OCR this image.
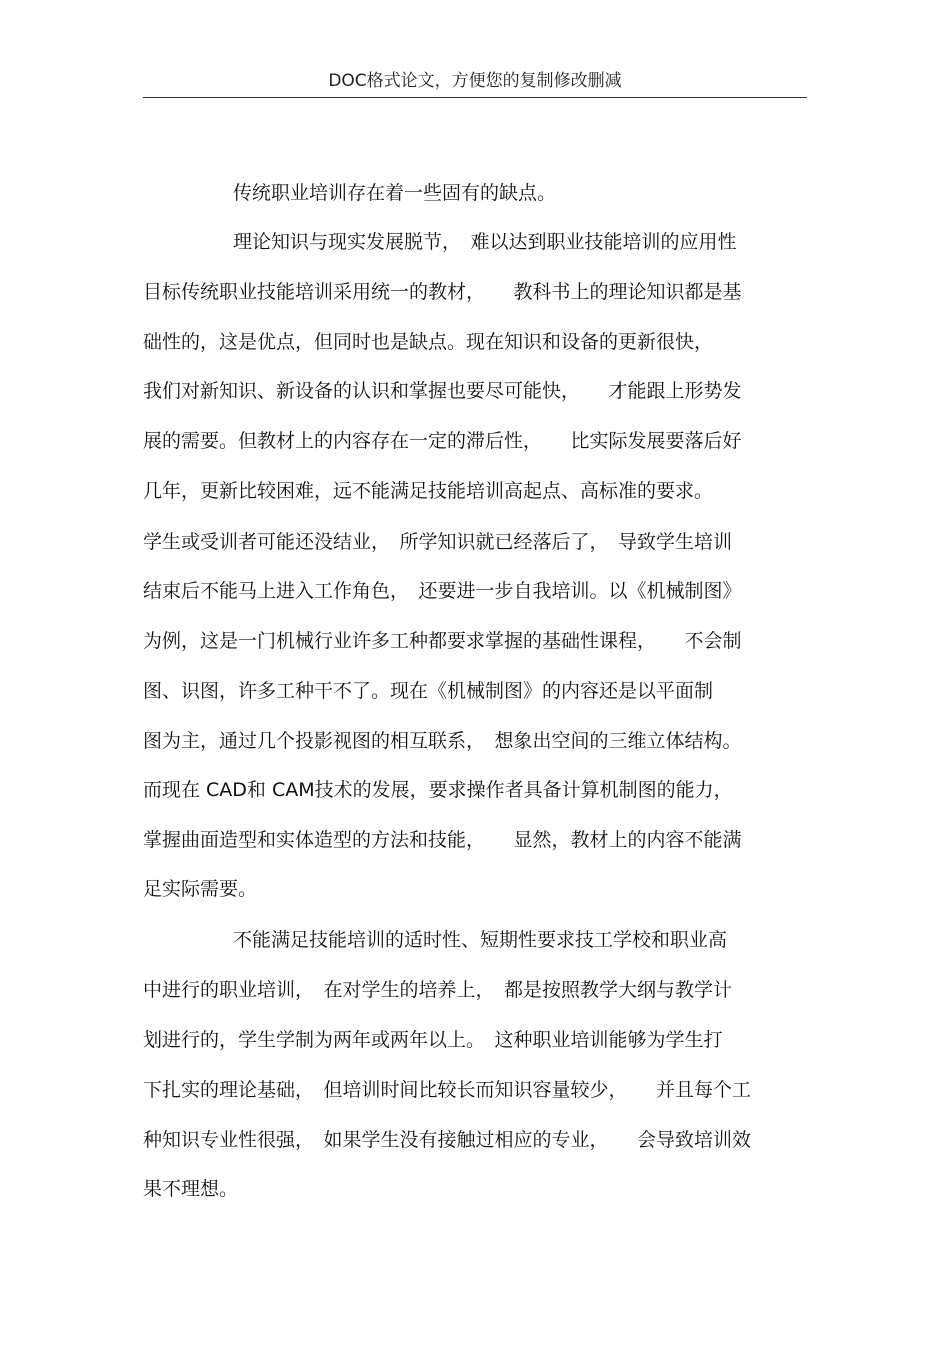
DOC格式论文，方便您的复制修改删减
传统职业培训存在着一些固有的缺点。
理论知识与现实发展脱节，　难以达到职业技能培训的应用性
目标传统职业技能培训采用统一的教材，　　教科书上的理论知识都是基
础性的，这是优点，但同时也是缺点。现在知识和设备的更新很快，
我们对新知识、新设备的认识和掌握也要尽可能快，　　才能跟上形势发
展的需要。但教材上的内容存在一定的滞后性，　　比实际发展要落后好
几年，更新比较困难，远不能满足技能培训高起点、高标准的要求。
学生或受训者可能还没结业，　所学知识就已经落后了，　导致学生培训
结束后不能马上进入工作角色，　还要进一步自我培训。以《机械制图》
为例，这是一门机械行业许多工种都要求掌握的基础性课程，　　不会制
图、识图，许多工种干不了。现在《机械制图》的内容还是以平面制
图为主，通过几个投影视图的相互联系，　想象出空间的三维立体结构。
而现在 CAD和 CAM技术的发展，要求操作者具备计算机制图的能力，
掌握曲面造型和实体造型的方法和技能，　　显然，教材上的内容不能满
足实际需要。
不能满足技能培训的适时性、短期性要求技工学校和职业高
中进行的职业培训，　在对学生的培养上，　都是按照教学大纲与教学计
划进行的，学生学制为两年或两年以上。　这种职业培训能够为学生打
下扎实的理论基础，　但培训时间比较长而知识容量较少，　　并且每个工
种知识专业性很强，　如果学生没有接触过相应的专业，　　会导致培训效
果不理想。
